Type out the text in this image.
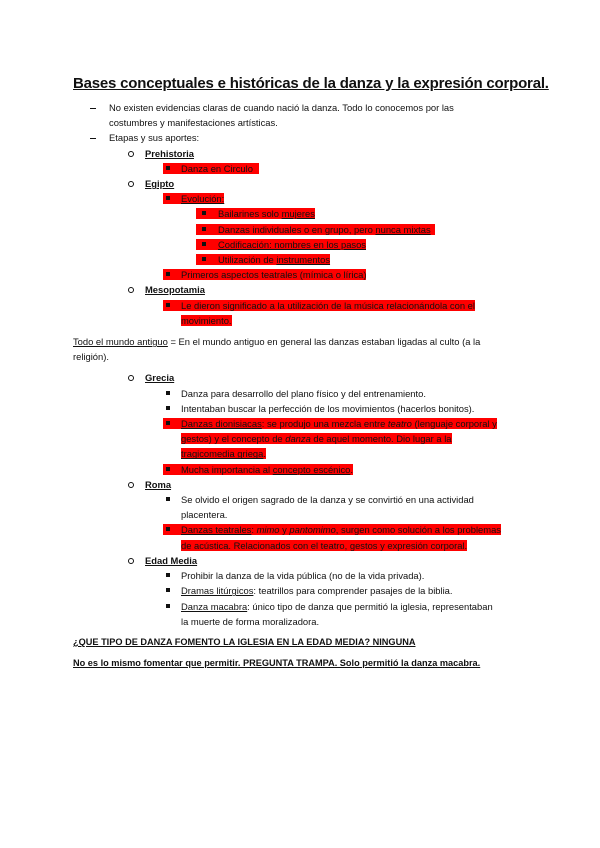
Bases conceptuales e históricas de la danza y la expresión corporal.
No existen evidencias claras de cuando nació la danza. Todo lo conocemos por las
costumbres y manifestaciones artísticas.
Etapas y sus aportes:
Prehistoria
Danza en Circulo
Egipto
Evolución:
Bailarines solo mujeres
Danzas individuales o en grupo, pero nunca mixtas
Codificación: nombres en los pasos
Utilización de instrumentos
Primeros aspectos teatrales (mímica o lírica)
Mesopotamia
Le dieron significado a la utilización de la música relacionándola con el
movimiento.
Todo el mundo antiguo = En el mundo antiguo en general las danzas estaban ligadas al culto (a la
religión).
Grecia
Danza para desarrollo del plano físico y del entrenamiento.
Intentaban buscar la perfección de los movimientos (hacerlos bonitos).
Danzas dionisiacas: se produjo una mezcla entre teatro (lenguaje corporal y
gestos) y el concepto de danza de aquel momento. Dio lugar a la
tragicomedia griega.
Mucha importancia al concepto escénico.
Roma
Se olvido el origen sagrado de la danza y se convirtió en una actividad
placentera.
Danzas teatrales: mimo y pantomimo, surgen como solución a los problemas
de acústica. Relacionados con el teatro, gestos y expresión corporal.
Edad Media
Prohibir la danza de la vida pública (no de la vida privada).
Dramas litúrgicos: teatrillos para comprender pasajes de la biblia.
Danza macabra: único tipo de danza que permitió la iglesia, representaban
la muerte de forma moralizadora.
¿QUE TIPO DE DANZA FOMENTO LA IGLESIA EN LA EDAD MEDIA? NINGUNA
No es lo mismo fomentar que permitir. PREGUNTA TRAMPA. Solo permitió la danza macabra.
